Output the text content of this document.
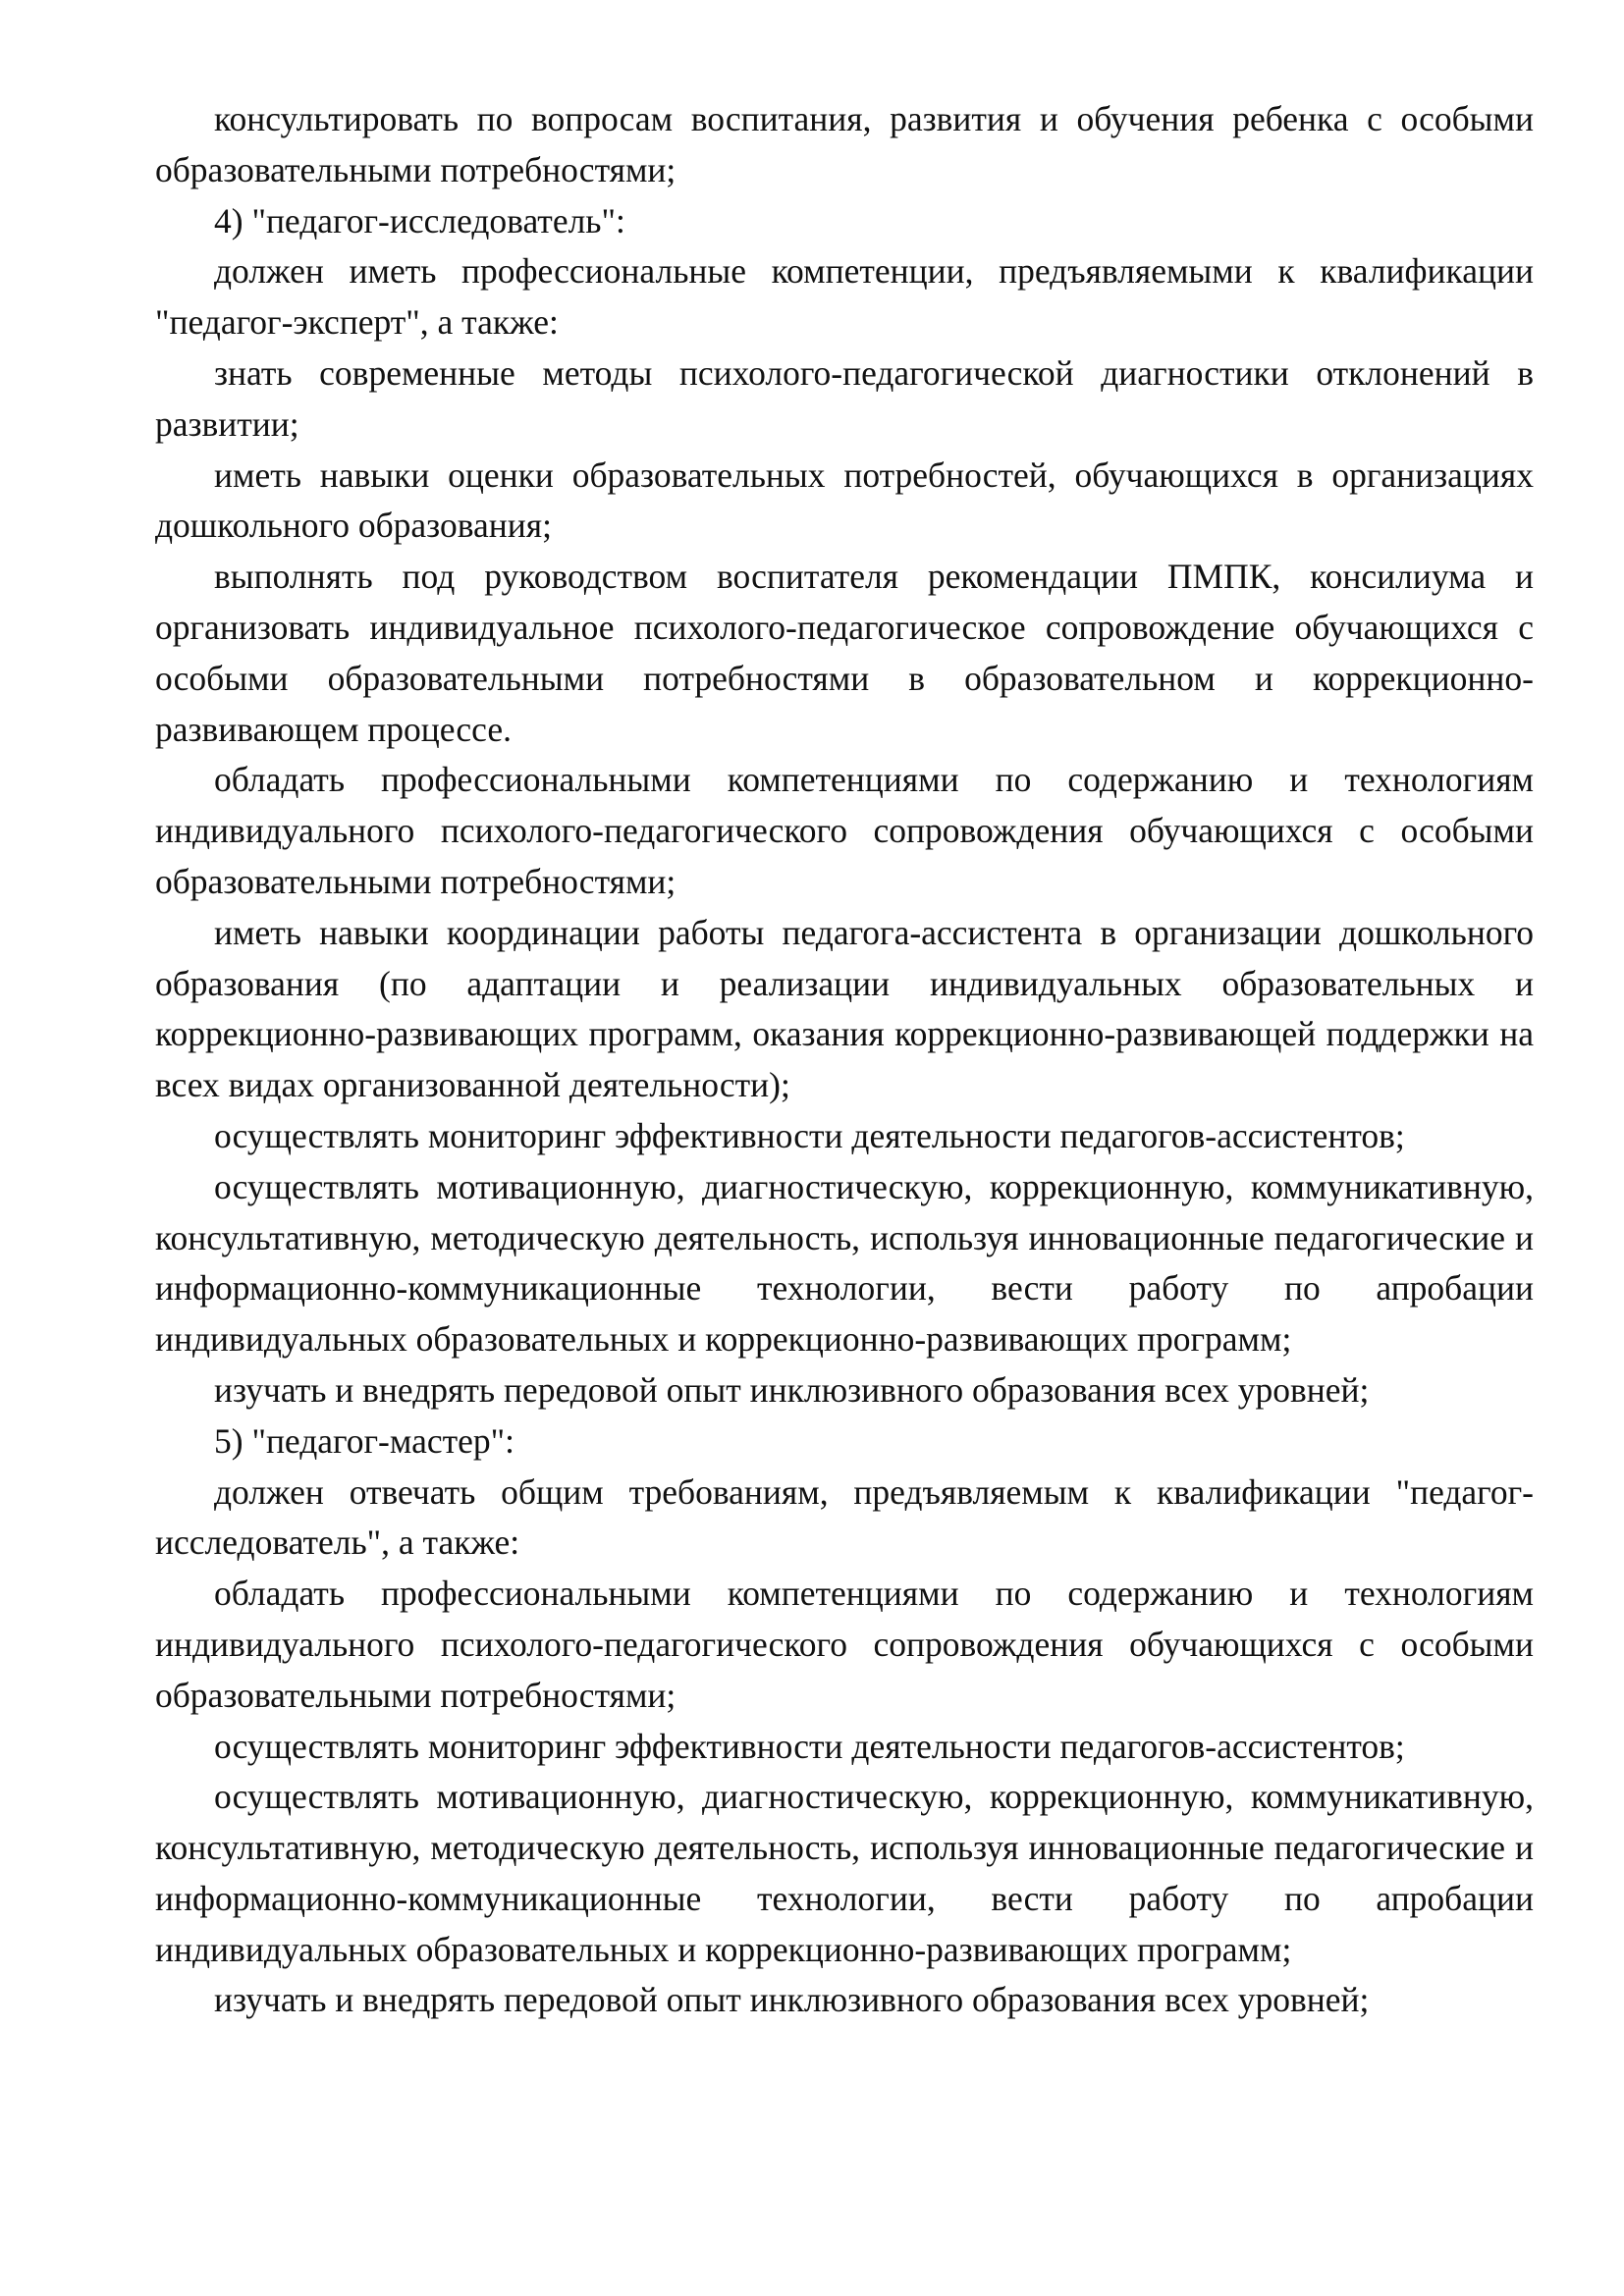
консультировать по вопросам воспитания, развития и обучения ребенка с особыми образовательными потребностями;

4) "педагог-исследователь":

должен иметь профессиональные компетенции, предъявляемыми к квалификации "педагог-эксперт", а также:

знать современные методы психолого-педагогической диагностики отклонений в развитии;

иметь навыки оценки образовательных потребностей, обучающихся в организациях дошкольного образования;

выполнять под руководством воспитателя рекомендации ПМПК, консилиума и организовать индивидуальное психолого-педагогическое сопровождение обучающихся с особыми образовательными потребностями в образовательном и коррекционно-развивающем процессе.

обладать профессиональными компетенциями по содержанию и технологиям индивидуального психолого-педагогического сопровождения обучающихся с особыми образовательными потребностями;

иметь навыки координации работы педагога-ассистента в организации дошкольного образования (по адаптации и реализации индивидуальных образовательных и коррекционно-развивающих программ, оказания коррекционно-развивающей поддержки на всех видах организованной деятельности);

осуществлять мониторинг эффективности деятельности педагогов-ассистентов;

осуществлять мотивационную, диагностическую, коррекционную, коммуникативную, консультативную, методическую деятельность, используя инновационные педагогические и информационно-коммуникационные технологии, вести работу по апробации индивидуальных образовательных и коррекционно-развивающих программ;

изучать и внедрять передовой опыт инклюзивного образования всех уровней;

5) "педагог-мастер":

должен отвечать общим требованиям, предъявляемым к квалификации "педагог-исследователь", а также:

обладать профессиональными компетенциями по содержанию и технологиям индивидуального психолого-педагогического сопровождения обучающихся с особыми образовательными потребностями;

осуществлять мониторинг эффективности деятельности педагогов-ассистентов;

осуществлять мотивационную, диагностическую, коррекционную, коммуникативную, консультативную, методическую деятельность, используя инновационные педагогические и информационно-коммуникационные технологии, вести работу по апробации индивидуальных образовательных и коррекционно-развивающих программ;

изучать и внедрять передовой опыт инклюзивного образования всех уровней;
